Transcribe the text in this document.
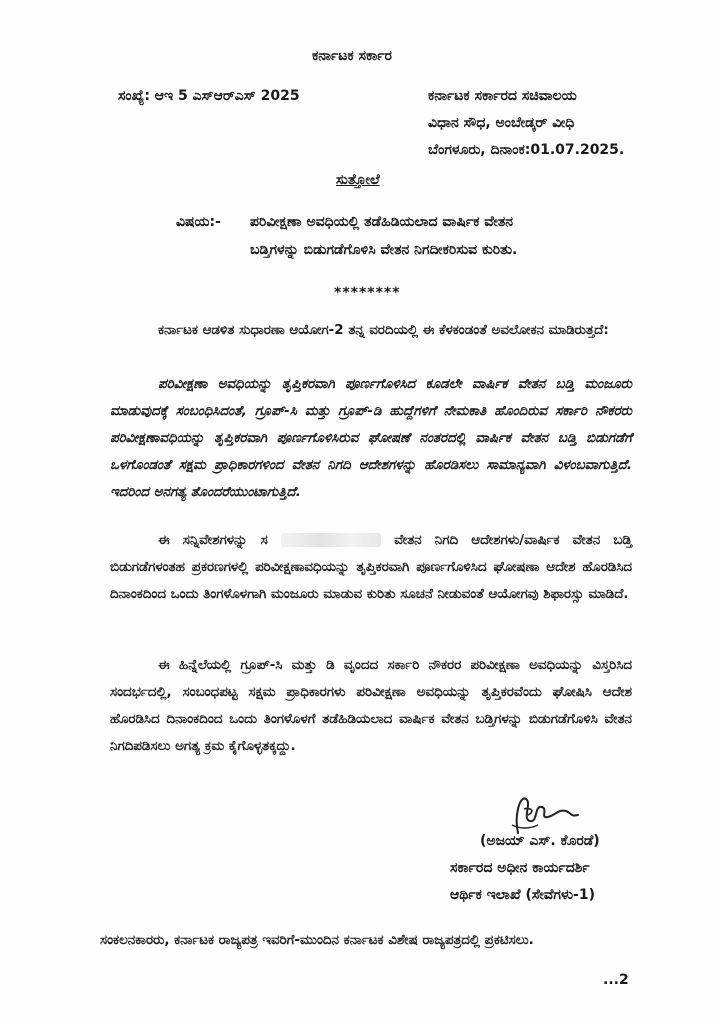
ಕರ್ನಾಟಕ ಸರ್ಕಾರ
ಸಂಖ್ಯೆ: ಆಇ 5 ಎಸ್‌ಆರ್‌ಎಸ್ 2025	ಕರ್ನಾಟಕ ಸರ್ಕಾರದ ಸಚಿವಾಲಯ
ವಿಧಾನ ಸೌಧ, ಅಂಬೇಡ್ಕರ್ ವೀಧಿ
ಬೆಂಗಳೂರು, ದಿನಾಂಕ:01.07.2025.
ಸುತ್ತೋಲೆ
ವಿಷಯ:- ಪರಿವೀಕ್ಷಣಾ ಅವಧಿಯಲ್ಲಿ ತಡೆಹಿಡಿಯಲಾದ ವಾರ್ಷಿಕ ವೇತನ
ಬಡ್ತಿಗಳನ್ನು ಬಿಡುಗಡೆಗೊಳಿಸಿ ವೇತನ ನಿಗದೀಕರಿಸುವ ಕುರಿತು.
********
ಕರ್ನಾಟಕ ಆಡಳಿತ ಸುಧಾರಣಾ ಆಯೋಗ-2 ತನ್ನ ವರದಿಯಲ್ಲಿ ಈ ಕೆಳಕಂಡಂತೆ ಅವಲೋಕನ ಮಾಡಿರುತ್ತದೆ:
ಪರಿವೀಕ್ಷಣಾ ಅವಧಿಯನ್ನು ತೃಪ್ತಿಕರವಾಗಿ ಪೂರ್ಣಗೊಳಿಸಿದ ಕೂಡಲೇ ವಾರ್ಷಿಕ ವೇತನ ಬಡ್ತಿ ಮಂಜೂರು ಮಾಡುವುದಕ್ಕೆ ಸಂಬಂಧಿಸಿದಂತೆ, ಗ್ರೂಪ್-ಸಿ ಮತ್ತು ಗ್ರೂಪ್-ಡಿ ಹುದ್ದೆಗಳಿಗೆ ನೇಮಕಾತಿ ಹೊಂದಿರುವ ಸರ್ಕಾರಿ ನೌಕರರು ಪರಿವೀಕ್ಷಣಾವಧಿಯನ್ನು ತೃಪ್ತಿಕರವಾಗಿ ಪೂರ್ಣಗೊಳಿಸಿರುವ ಘೋಷಣೆ ನಂತರದಲ್ಲಿ ವಾರ್ಷಿಕ ವೇತನ ಬಡ್ತಿ ಬಿಡುಗಡೆಗೆ ಒಳಗೊಂಡಂತೆ ಸಕ್ಷಮ ಪ್ರಾಧಿಕಾರಗಳಿಂದ ವೇತನ ನಿಗದಿ ಆದೇಶಗಳನ್ನು ಹೊರಡಿಸಲು ಸಾಮಾನ್ಯವಾಗಿ ವಿಳಂಬವಾಗುತ್ತಿದೆ. ಇದರಿಂದ ಅನಗತ್ಯ ತೊಂದರೆಯುಂಟಾಗುತ್ತಿದೆ.
ಈ ಸನ್ನಿವೇಶಗಳನ್ನು ಸ	ವೇತನ ನಿಗದಿ ಆದೇಶಗಳು/ವಾರ್ಷಿಕ ವೇತನ ಬಡ್ತಿ ಬಿಡುಗಡೆಗಳಂತಹ ಪ್ರಕರಣಗಳಲ್ಲಿ ಪರಿವೀಕ್ಷಣಾವಧಿಯನ್ನು ತೃಪ್ತಿಕರವಾಗಿ ಪೂರ್ಣಗೊಳಿಸಿದ ಘೋಷಣಾ ಆದೇಶ ಹೊರಡಿಸಿದ ದಿನಾಂಕದಿಂದ ಒಂದು ತಿಂಗಳೊಳಗಾಗಿ ಮಂಜೂರು ಮಾಡುವ ಕುರಿತು ಸೂಚನೆ ನೀಡುವಂತೆ ಆಯೋಗವು ಶಿಫಾರಸ್ಸು ಮಾಡಿದೆ.
ಈ ಹಿನ್ನೆಲೆಯಲ್ಲಿ ಗ್ರೂಪ್-ಸಿ ಮತ್ತು ಡಿ ವೃಂದದ ಸರ್ಕಾರಿ ನೌಕರರ ಪರಿವೀಕ್ಷಣಾ ಅವಧಿಯನ್ನು ವಿಸ್ತರಿಸಿದ ಸಂದರ್ಭದಲ್ಲಿ, ಸಂಬಂಧಪಟ್ಟ ಸಕ್ಷಮ ಪ್ರಾಧಿಕಾರಗಳು ಪರಿವೀಕ್ಷಣಾ ಅವಧಿಯನ್ನು ತೃಪ್ತಿಕರವೆಂದು ಘೋಷಿಸಿ ಆದೇಶ ಹೊರಡಿಸಿದ ದಿನಾಂಕದಿಂದ ಒಂದು ತಿಂಗಳೊಳಗೆ ತಡೆಹಿಡಿಯಲಾದ ವಾರ್ಷಿಕ ವೇತನ ಬಡ್ತಿಗಳನ್ನು ಬಿಡುಗಡೆಗೊಳಿಸಿ ವೇತನ ನಿಗದಿಪಡಿಸಲು ಅಗತ್ಯ ಕ್ರಮ ಕೈಗೊಳ್ಳತಕ್ಕದ್ದು.
(ಅಜಯ್ ಎಸ್. ಕೊರಡೆ)
ಸರ್ಕಾರದ ಅಧೀನ ಕಾರ್ಯದರ್ಶಿ
ಆರ್ಥಿಕ ಇಲಾಖೆ (ಸೇವೆಗಳು-1)
ಸಂಕಲನಕಾರರು, ಕರ್ನಾಟಕ ರಾಜ್ಯಪತ್ರ ಇವರಿಗೆ-ಮುಂದಿನ ಕರ್ನಾಟಕ ವಿಶೇಷ ರಾಜ್ಯಪತ್ರದಲ್ಲಿ ಪ್ರಕಟಿಸಲು.
...2
